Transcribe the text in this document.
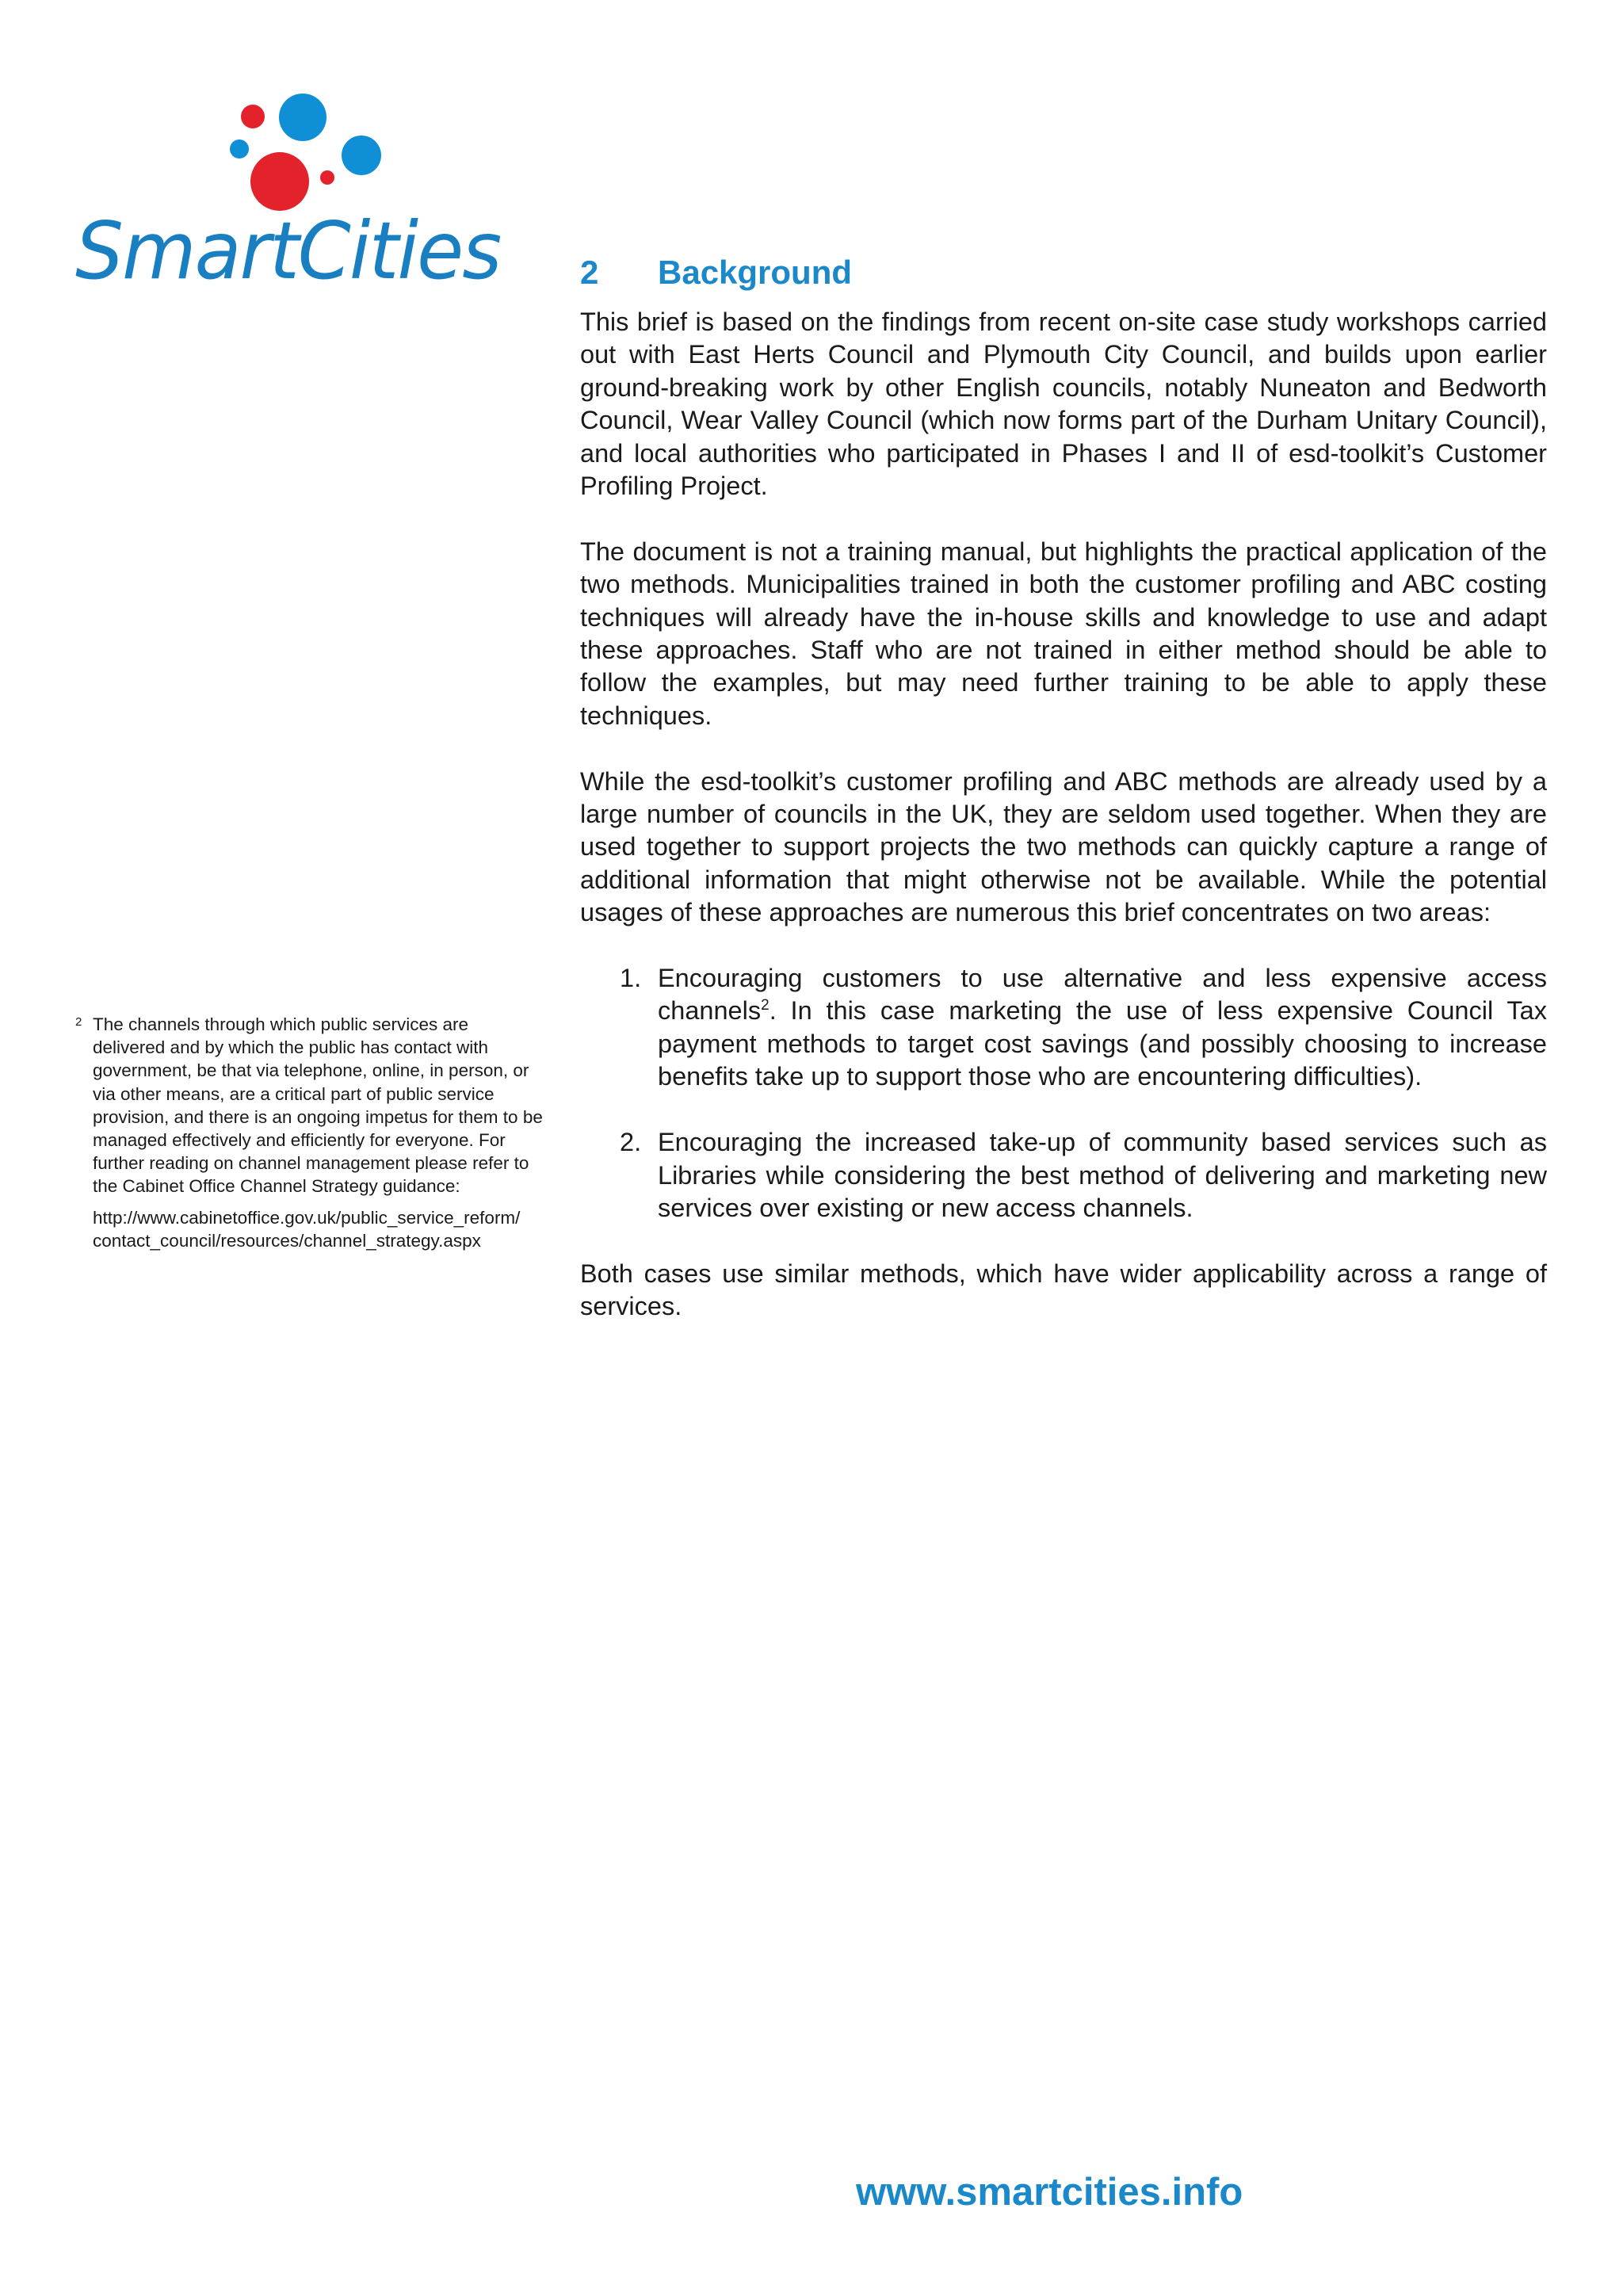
SmartCities 2 Background

This brief is based on the findings from recent on-site case study workshops carried out with East Herts Council and Plymouth City Council, and builds upon earlier ground-breaking work by other English councils, notably Nuneaton and Bedworth Council, Wear Valley Council (which now forms part of the Durham Unitary Council), and local authorities who participated in Phases I and II of esd-toolkit’s Customer Profiling Project.

The document is not a training manual, but highlights the practical application of the two methods. Municipalities trained in both the customer profiling and ABC costing techniques will already have the in-house skills and knowledge to use and adapt these approaches. Staff who are not trained in either method should be able to follow the examples, but may need further training to be able to apply these techniques.

While the esd-toolkit’s customer profiling and ABC methods are already used by a large number of councils in the UK, they are seldom used together. When they are used together to support projects the two methods can quickly capture a range of additional information that might otherwise not be available. While the potential usages of these approaches are numerous this brief concentrates on two areas:

1. Encouraging customers to use alternative and less expensive access channels$^2$. In this case marketing the use of less expensive Council Tax payment methods to target cost savings (and possibly choosing to increase benefits take up to support those who are encountering difficulties).
2. Encouraging the increased take-up of community based services such as Libraries while considering the best method of delivering and marketing new services over existing or new access channels.

Both cases use similar methods, which have wider applicability across a range of services.

2 The channels through which public services are delivered and by which the public has contact with government, be that via telephone, online, in person, or via other means, are a critical part of public service provision, and there is an ongoing impetus for them to be managed effectively and efficiently for everyone. For further reading on channel management please refer to the Cabinet Office Channel Strategy guidance:
http://www.cabinetoffice.gov.uk/public_service_reform/
contact_council/resources/channel_strategy.aspx
www.smartcities.info
